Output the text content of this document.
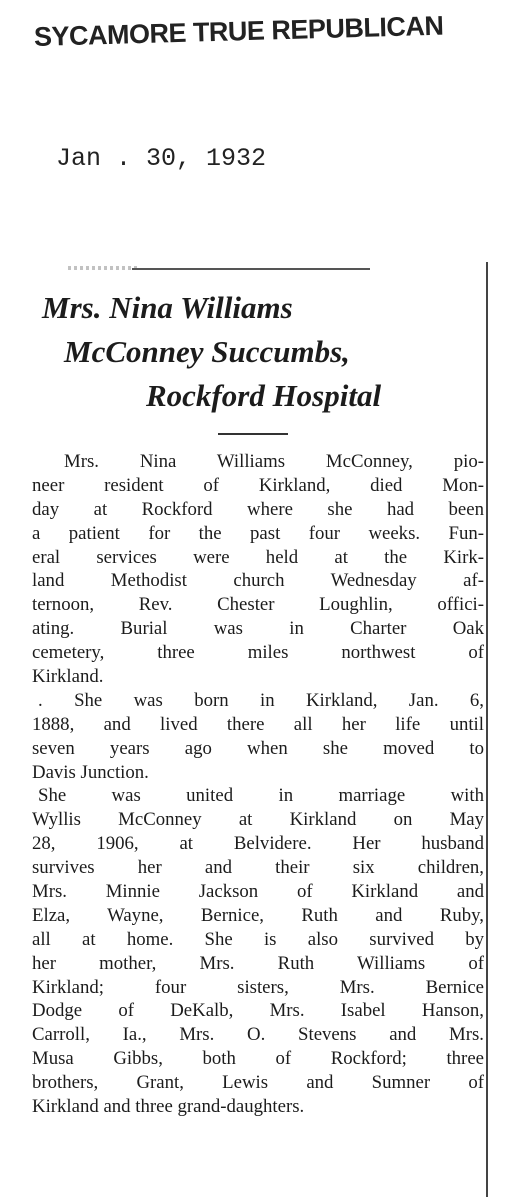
SYCAMORE TRUE REPUBLICAN
Jan . 30, 1932
Mrs. Nina Williams
McConney Succumbs,
Rockford Hospital
Mrs. Nina Williams McConney, pio-
neer resident of Kirkland, died Mon-
day at Rockford where she had been
a patient for the past four weeks. Fun-
eral services were held at the Kirk-
land Methodist church Wednesday af-
ternoon, Rev. Chester Loughlin, offici-
ating. Burial was in Charter Oak
cemetery, three miles northwest of
Kirkland.
. She was born in Kirkland, Jan. 6,
1888, and lived there all her life until
seven years ago when she moved to
Davis Junction.
She was united in marriage with
Wyllis McConney at Kirkland on May
28, 1906, at Belvidere. Her husband
survives her and their six children,
Mrs. Minnie Jackson of Kirkland and
Elza, Wayne, Bernice, Ruth and Ruby,
all at home. She is also survived by
her mother, Mrs. Ruth Williams of
Kirkland; four sisters, Mrs. Bernice
Dodge of DeKalb, Mrs. Isabel Hanson,
Carroll, Ia., Mrs. O. Stevens and Mrs.
Musa Gibbs, both of Rockford; three
brothers, Grant, Lewis and Sumner of
Kirkland and three grand-daughters.
